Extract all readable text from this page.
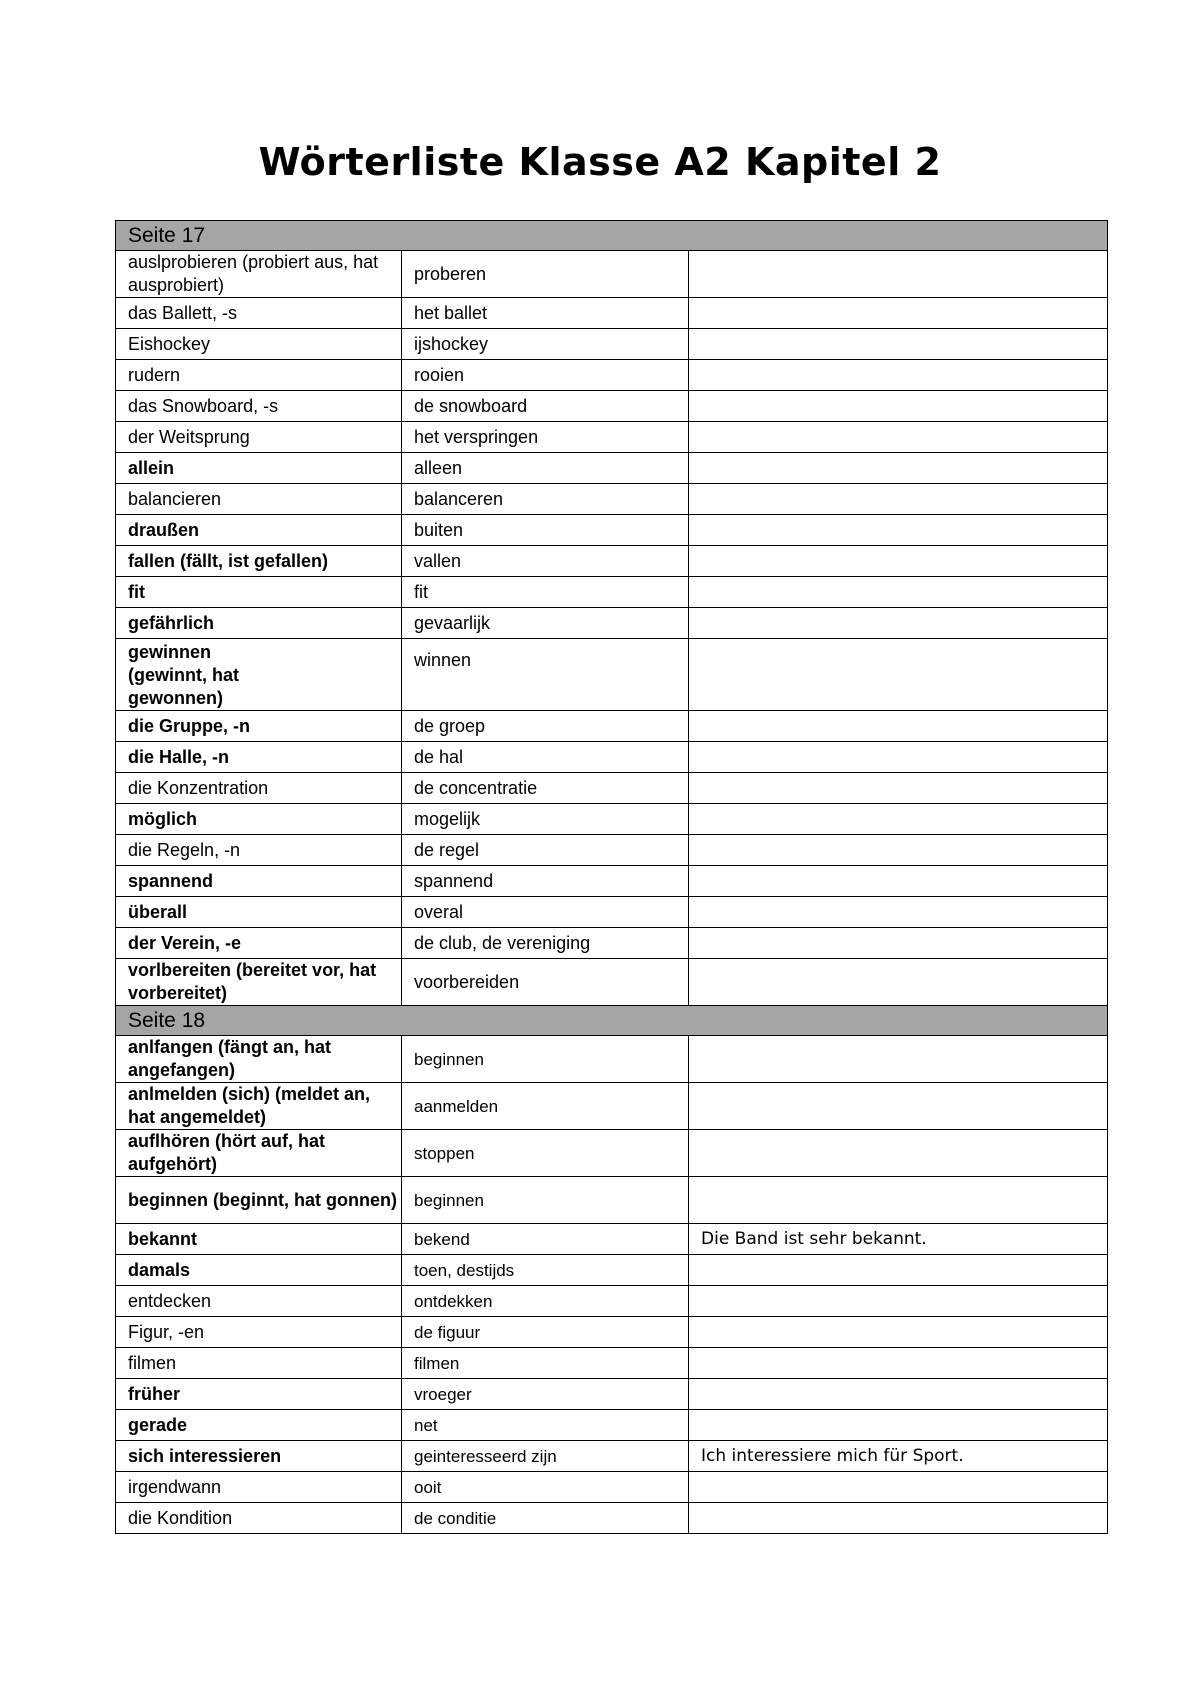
Wörterliste Klasse A2 Kapitel 2
Seite 17		
auslprobieren (probiert aus, hat ausprobiert)	proberen	
das Ballett, -s	het ballet	
Eishockey	ijshockey	
rudern	rooien	
das Snowboard, -s	de snowboard	
der Weitsprung	het verspringen	
allein	alleen	
balancieren	balanceren	
draußen	buiten	
fallen (fällt, ist gefallen)	vallen	
fit	fit	
gefährlich	gevaarlijk	
gewinnen (gewinnt, hat gewonnen)	winnen	
die Gruppe, -n	de groep	
die Halle, -n	de hal	
die Konzentration	de concentratie	
möglich	mogelijk	
die Regeln, -n	de regel	
spannend	spannend	
überall	overal	
der Verein, -e	de club, de vereniging	
vorlbereiten (bereitet vor, hat vorbereitet)	voorbereiden	
Seite 18		
anlfangen (fängt an, hat angefangen)	beginnen	
anlmelden (sich) (meldet an, hat angemeldet)	aanmelden	
auflhören (hört auf, hat aufgehört)	stoppen	
beginnen (beginnt, hat gonnen)	beginnen	
bekannt	bekend	Die Band ist sehr bekannt.
damals	toen, destijds	
entdecken	ontdekken	
Figur, -en	de figuur	
filmen	filmen	
früher	vroeger	
gerade	net	
sich interessieren	geinteresseerd zijn	Ich interessiere mich für Sport.
irgendwann	ooit	
die Kondition	de conditie	
